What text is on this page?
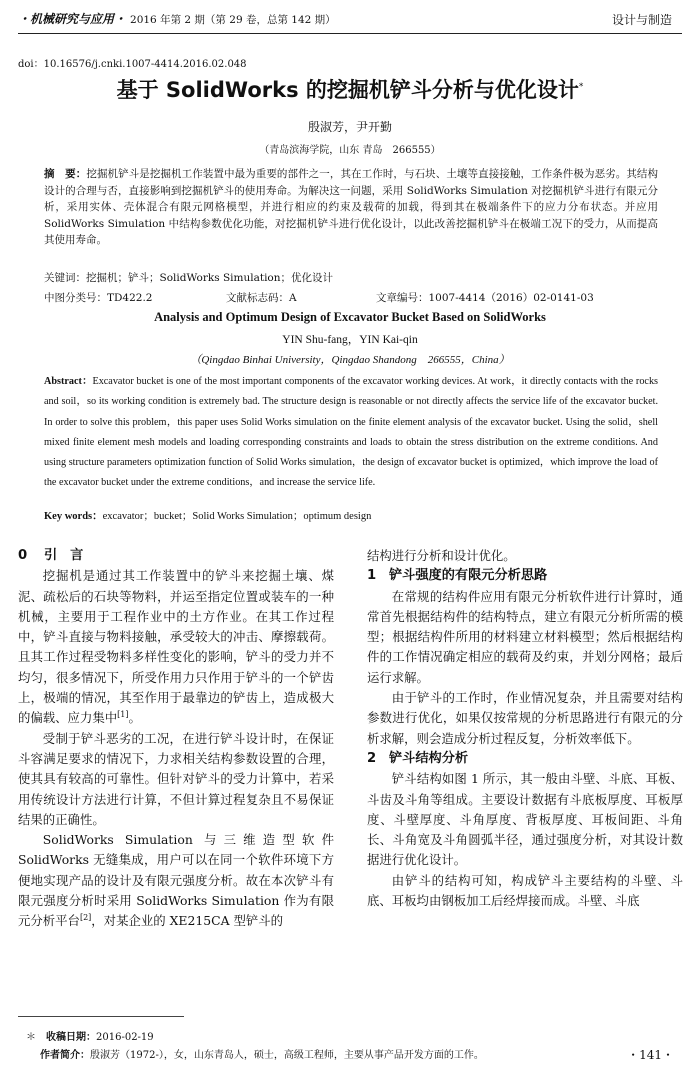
・机械研究与应用・ 2016 年第 2 期（第 29 卷，总第 142 期）	设计与制造
doi：10.16576/j.cnki.1007-4414.2016.02.048
基于 SolidWorks 的挖掘机铲斗分析与优化设计*
殷淑芳，尹开勤
（青岛滨海学院，山东 青岛　266555）
摘　要：挖掘机铲斗是挖掘机工作装置中最为重要的部件之一，其在工作时，与石块、土壤等直接接触，工作条件极为恶劣。其结构设计的合理与否，直接影响到挖掘机铲斗的使用寿命。为解决这一问题，采用 SolidWorks Simulation 对挖掘机铲斗进行有限元分析，采用实体、壳体混合有限元网格模型，并进行相应的约束及载荷的加载，得到其在极端条件下的应力分布状态。并应用 SolidWorks Simulation 中结构参数优化功能，对挖掘机铲斗进行优化设计，以此改善挖掘机铲斗在极端工况下的受力，从而提高其使用寿命。
关键词：挖掘机；铲斗；SolidWorks Simulation；优化设计
中图分类号：TD422.2	文献标志码：A	文章编号：1007-4414（2016）02-0141-03
Analysis and Optimum Design of Excavator Bucket Based on SolidWorks
YIN Shu-fang，YIN Kai-qin
（Qingdao Binhai University，Qingdao Shandong　266555，China）
Abstract：Excavator bucket is one of the most important components of the excavator working devices. At work，it directly contacts with the rocks and soil，so its working condition is extremely bad. The structure design is reasonable or not directly affects the service life of the excavator bucket. In order to solve this problem，this paper uses Solid Works simulation on the finite element analysis of the excavator bucket. Using the solid，shell mixed finite element mesh models and loading corresponding constraints and loads to obtain the stress distribution on the extreme conditions. And using structure parameters optimization function of Solid Works simulation，the design of excavator bucket is optimized，which improve the load of the excavator bucket under the extreme conditions，and increase the service life.
Key words：excavator；bucket；Solid Works Simulation；optimum design
0 引言

挖掘机是通过其工作装置中的铲斗来挖掘土壤、煤泥、疏松后的石块等物料，并运至指定位置或装车的一种机械，主要用于工程作业中的土方作业。在其工作过程中，铲斗直接与物料接触，承受较大的冲击、摩擦载荷。且其工作过程受物料多样性变化的影响，铲斗的受力并不均匀，很多情况下，所受作用力只作用于铲斗的一个铲齿上，极端的情况，其至作用于最靠边的铲齿上，造成极大的偏载、应力集中[1]。

受制于铲斗恶劣的工况，在进行铲斗设计时，在保证斗容满足要求的情况下，力求相关结构参数设置的合理，使其具有较高的可靠性。但针对铲斗的受力计算中，若采用传统设计方法进行计算，不但计算过程复杂且不易保证结果的正确性。

SolidWorks Simulation 与三维造型软件 SolidWorks 无缝集成，用户可以在同一个软件环境下方便地实现产品的设计及有限元强度分析。故在本次铲斗有限元强度分析时采用 SolidWorks Simulation 作为有限元分析平台[2]，对某企业的 XE215CA 型铲斗的

结构进行分析和设计优化。

1 铲斗强度的有限元分析思路

在常规的结构件应用有限元分析软件进行计算时，通常首先根据结构件的结构特点，建立有限元分析所需的模型；根据结构件所用的材料建立材料模型；然后根据结构件的工作情况确定相应的载荷及约束，并划分网格；最后运行求解。

由于铲斗的工作时，作业情况复杂，并且需要对结构参数进行优化，如果仅按常规的分析思路进行有限元的分析求解，则会造成分析过程反复，分析效率低下。

2 铲斗结构分析

铲斗结构如图 1 所示，其一般由斗壁、斗底、耳板、斗齿及斗角等组成。主要设计数据有斗底板厚度、耳板厚度、斗壁厚度、斗角厚度、背板厚度、耳板间距、斗角长、斗角宽及斗角圆弧半径，通过强度分析，对其设计数据进行优化设计。

由铲斗的结构可知，构成铲斗主要结构的斗壁、斗底、耳板均由钢板加工后经焊接而成。斗壁、斗底

＊　 收稿日期：2016-02-19
作者简介：殷淑芳（1972-），女，山东青岛人，硕士，高级工程师，主要从事产品开发方面的工作。	・141・
